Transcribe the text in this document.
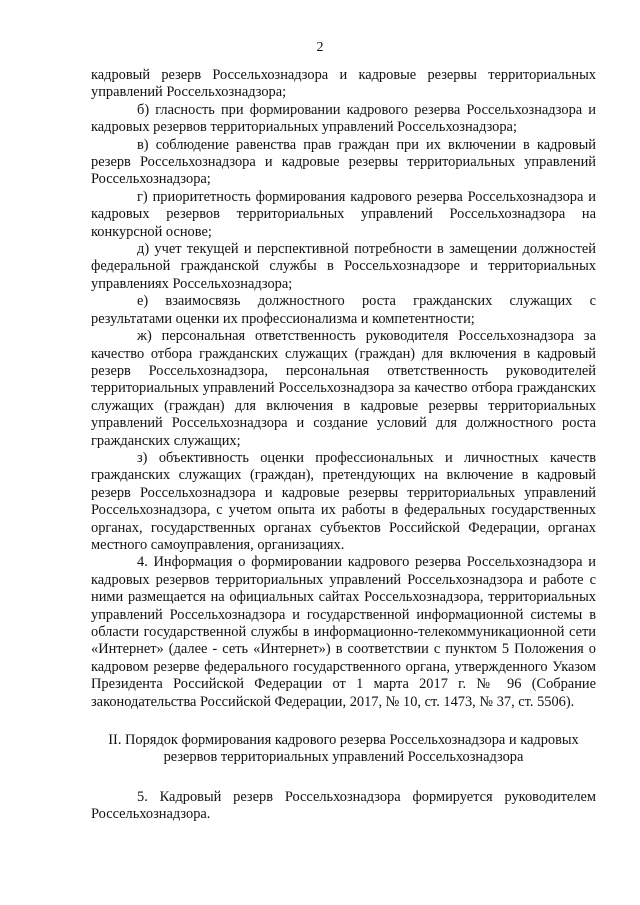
2

кадровый резерв Россельхознадзора и кадровые резервы территориальных управлений Россельхознадзора;

б) гласность при формировании кадрового резерва Россельхознадзора и кадровых резервов территориальных управлений Россельхознадзора;

в) соблюдение равенства прав граждан при их включении в кадровый резерв Россельхознадзора и кадровые резервы территориальных управлений Россельхознадзора;

г) приоритетность формирования кадрового резерва Россельхознадзора и кадровых резервов территориальных управлений Россельхознадзора на конкурсной основе;

д) учет текущей и перспективной потребности в замещении должностей федеральной гражданской службы в Россельхознадзоре и территориальных управлениях Россельхознадзора;

е) взаимосвязь должностного роста гражданских служащих с результатами оценки их профессионализма и компетентности;

ж) персональная ответственность руководителя Россельхознадзора за качество отбора гражданских служащих (граждан) для включения в кадровый резерв Россельхознадзора, персональная ответственность руководителей территориальных управлений Россельхознадзора за качество отбора гражданских служащих (граждан) для включения в кадровые резервы территориальных управлений Россельхознадзора и создание условий для должностного роста гражданских служащих;

з) объективность оценки профессиональных и личностных качеств гражданских служащих (граждан), претендующих на включение в кадровый резерв Россельхознадзора и кадровые резервы территориальных управлений Россельхознадзора, с учетом опыта их работы в федеральных государственных органах, государственных органах субъектов Российской Федерации, органах местного самоуправления, организациях.

4. Информация о формировании кадрового резерва Россельхознадзора и кадровых резервов территориальных управлений Россельхознадзора и работе с ними размещается на официальных сайтах Россельхознадзора, территориальных управлений Россельхознадзора и государственной информационной системы в области государственной службы в информационно-телекоммуникационной сети «Интернет» (далее - сеть «Интернет») в соответствии с пунктом 5 Положения о кадровом резерве федерального государственного органа, утвержденного Указом Президента Российской Федерации от 1 марта 2017 г. № 96 (Собрание законодательства Российской Федерации, 2017, № 10, ст. 1473, № 37, ст. 5506).

II. Порядок формирования кадрового резерва Россельхознадзора и кадровых
резервов территориальных управлений Россельхознадзора

5. Кадровый резерв Россельхознадзора формируется руководителем Россельхознадзора.
